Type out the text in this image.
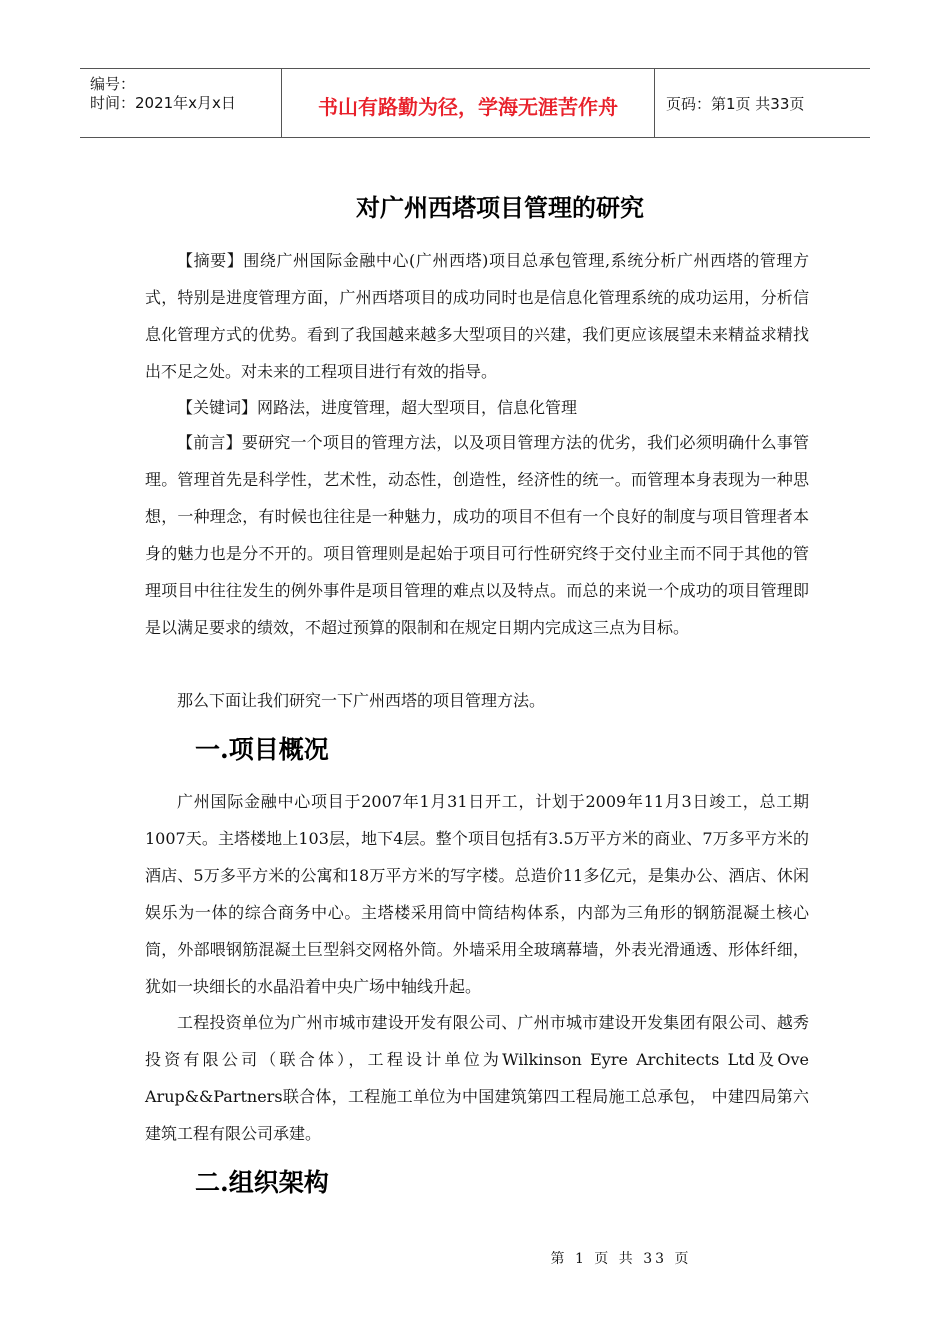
编号：
时间：2021年x月x日	书山有路勤为径，学海无涯苦作舟	页码：第1页 共33页
对广州西塔项目管理的研究

【摘要】围绕广州国际金融中心(广州西塔)项目总承包管理,系统分析广州西塔的管理方式，特别是进度管理方面，广州西塔项目的成功同时也是信息化管理系统的成功运用，分析信息化管理方式的优势。看到了我国越来越多大型项目的兴建，我们更应该展望未来精益求精找出不足之处。对未来的工程项目进行有效的指导。

【关键词】网路法，进度管理，超大型项目，信息化管理

【前言】要研究一个项目的管理方法，以及项目管理方法的优劣，我们必须明确什么事管理。管理首先是科学性，艺术性，动态性，创造性，经济性的统一。而管理本身表现为一种思想，一种理念，有时候也往往是一种魅力，成功的项目不但有一个良好的制度与项目管理者本身的魅力也是分不开的。项目管理则是起始于项目可行性研究终于交付业主而不同于其他的管理项目中往往发生的例外事件是项目管理的难点以及特点。而总的来说一个成功的项目管理即是以满足要求的绩效，不超过预算的限制和在规定日期内完成这三点为目标。

那么下面让我们研究一下广州西塔的项目管理方法。

一.项目概况

广州国际金融中心项目于2007年1月31日开工，计划于2009年11月3日竣工，总工期1007天。主塔楼地上103层，地下4层。整个项目包括有3.5万平方米的商业、7万多平方米的酒店、5万多平方米的公寓和18万平方米的写字楼。总造价11多亿元，是集办公、酒店、休闲娱乐为一体的综合商务中心。主塔楼采用筒中筒结构体系，内部为三角形的钢筋混凝土核心筒，外部喂钢筋混凝土巨型斜交网格外筒。外墙采用全玻璃幕墙，外表光滑通透、形体纤细，犹如一块细长的水晶沿着中央广场中轴线升起。

工程投资单位为广州市城市建设开发有限公司、广州市城市建设开发集团有限公司、越秀投资有限公司（联合体），工程设计单位为Wilkinson Eyre Architects Ltd及Ove Arup&&Partners联合体，工程施工单位为中国建筑第四工程局施工总承包， 中建四局第六建筑工程有限公司承建。

二.组织架构
第 1 页 共 33 页
